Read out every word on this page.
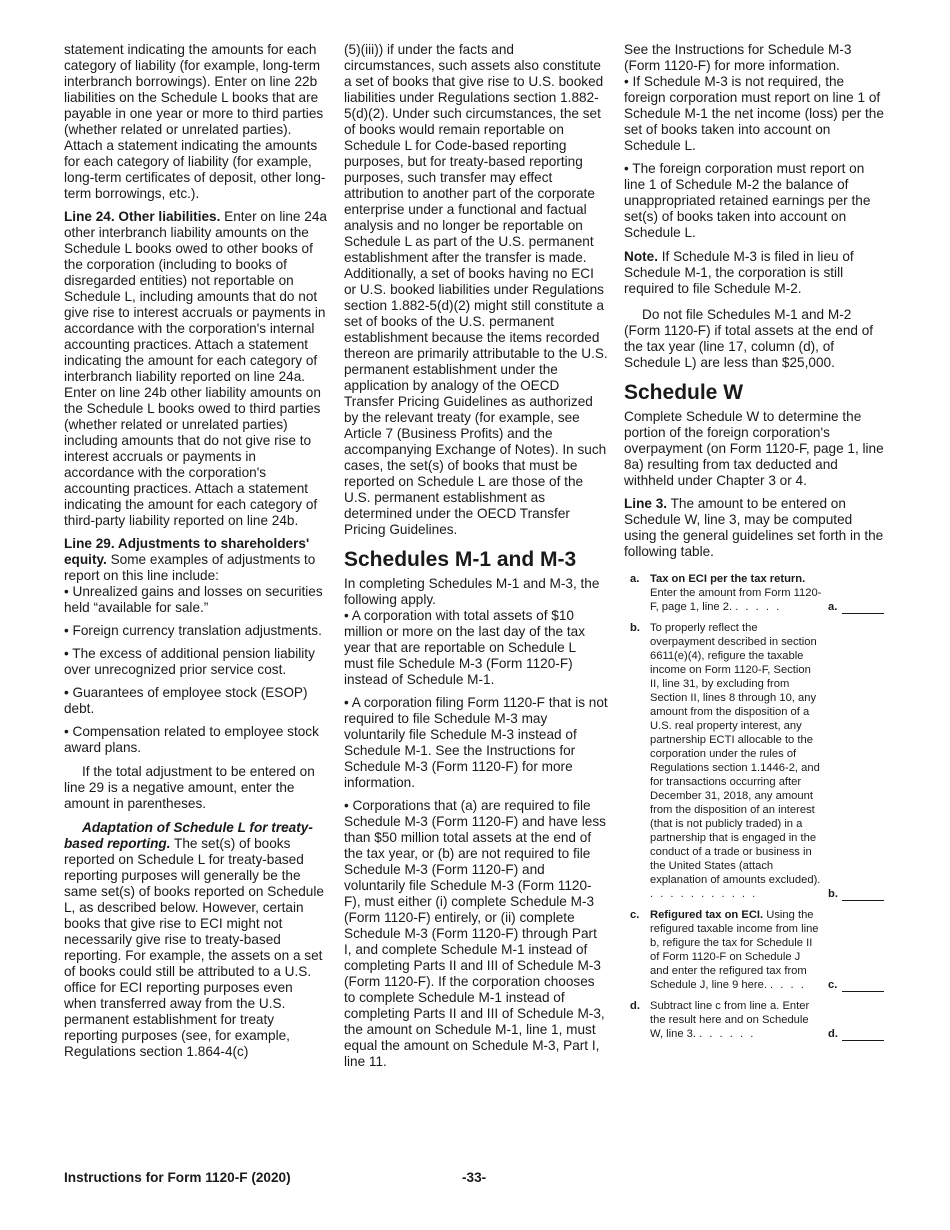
statement indicating the amounts for each category of liability (for example, long-term interbranch borrowings). Enter on line 22b liabilities on the Schedule L books that are payable in one year or more to third parties (whether related or unrelated parties). Attach a statement indicating the amounts for each category of liability (for example, long-term certificates of deposit, other long-term borrowings, etc.).

Line 24. Other liabilities. Enter on line 24a other interbranch liability amounts on the Schedule L books owed to other books of the corporation (including to books of disregarded entities) not reportable on Schedule L, including amounts that do not give rise to interest accruals or payments in accordance with the corporation's internal accounting practices. Attach a statement indicating the amount for each category of interbranch liability reported on line 24a. Enter on line 24b other liability amounts on the Schedule L books owed to third parties (whether related or unrelated parties) including amounts that do not give rise to interest accruals or payments in accordance with the corporation's accounting practices. Attach a statement indicating the amount for each category of third-party liability reported on line 24b.

Line 29. Adjustments to shareholders' equity. Some examples of adjustments to report on this line include:

• Unrealized gains and losses on securities held “available for sale.”

• Foreign currency translation adjustments.

• The excess of additional pension liability over unrecognized prior service cost.

• Guarantees of employee stock (ESOP) debt.

• Compensation related to employee stock award plans.

If the total adjustment to be entered on line 29 is a negative amount, enter the amount in parentheses.

Adaptation of Schedule L for treaty-based reporting. The set(s) of books reported on Schedule L for treaty-based reporting purposes will generally be the same set(s) of books reported on Schedule L, as described below. However, certain books that give rise to ECI might not necessarily give rise to treaty-based reporting. For example, the assets on a set of books could still be attributed to a U.S. office for ECI reporting purposes even when transferred away from the U.S. permanent establishment for treaty reporting purposes (see, for example, Regulations section 1.864-4(c)

(5)(iii)) if under the facts and circumstances, such assets also constitute a set of books that give rise to U.S. booked liabilities under Regulations section 1.882-5(d)(2). Under such circumstances, the set of books would remain reportable on Schedule L for Code-based reporting purposes, but for treaty-based reporting purposes, such transfer may effect attribution to another part of the corporate enterprise under a functional and factual analysis and no longer be reportable on Schedule L as part of the U.S. permanent establishment after the transfer is made. Additionally, a set of books having no ECI or U.S. booked liabilities under Regulations section 1.882-5(d)(2) might still constitute a set of books of the U.S. permanent establishment because the items recorded thereon are primarily attributable to the U.S. permanent establishment under the application by analogy of the OECD Transfer Pricing Guidelines as authorized by the relevant treaty (for example, see Article 7 (Business Profits) and the accompanying Exchange of Notes). In such cases, the set(s) of books that must be reported on Schedule L are those of the U.S. permanent establishment as determined under the OECD Transfer Pricing Guidelines.

Schedules M-1 and M-3

In completing Schedules M-1 and M-3, the following apply.

• A corporation with total assets of $10 million or more on the last day of the tax year that are reportable on Schedule L must file Schedule M-3 (Form 1120-F) instead of Schedule M-1.

• A corporation filing Form 1120-F that is not required to file Schedule M-3 may voluntarily file Schedule M-3 instead of Schedule M-1. See the Instructions for Schedule M-3 (Form 1120-F) for more information.

• Corporations that (a) are required to file Schedule M-3 (Form 1120-F) and have less than $50 million total assets at the end of the tax year, or (b) are not required to file Schedule M-3 (Form 1120-F) and voluntarily file Schedule M-3 (Form 1120-F), must either (i) complete Schedule M-3 (Form 1120-F) entirely, or (ii) complete Schedule M-3 (Form 1120-F) through Part I, and complete Schedule M-1 instead of completing Parts II and III of Schedule M-3 (Form 1120-F). If the corporation chooses to complete Schedule M-1 instead of completing Parts II and III of Schedule M-3, the amount on Schedule M-1, line 1, must equal the amount on Schedule M-3, Part I, line 11.

See the Instructions for Schedule M-3 (Form 1120-F) for more information.

• If Schedule M-3 is not required, the foreign corporation must report on line 1 of Schedule M-1 the net income (loss) per the set of books taken into account on Schedule L.

• The foreign corporation must report on line 1 of Schedule M-2 the balance of unappropriated retained earnings per the set(s) of books taken into account on Schedule L.

Note. If Schedule M-3 is filed in lieu of Schedule M-1, the corporation is still required to file Schedule M-2.

Do not file Schedules M-1 and M-2 (Form 1120-F) if total assets at the end of the tax year (line 17, column (d), of Schedule L) are less than $25,000.

Schedule W

Complete Schedule W to determine the portion of the foreign corporation's overpayment (on Form 1120-F, page 1, line 8a) resulting from tax deducted and withheld under Chapter 3 or 4.

Line 3. The amount to be entered on Schedule W, line 3, may be computed using the general guidelines set forth in the following table.

a. Tax on ECI per the tax return. Enter the amount from Form 1120-F, page 1, line 2. . . . . .	a.
b. To properly reflect the overpayment described in section 6611(e)(4), refigure the taxable income on Form 1120-F, Section II, line 31, by excluding from Section II, lines 8 through 10, any amount from the disposition of a U.S. real property interest, any partnership ECTI allocable to the corporation under the rules of Regulations section 1.1446-2, and for transactions occurring after December 31, 2018, any amount from the disposition of an interest (that is not publicly traded) in a partnership that is engaged in the conduct of a trade or business in the United States (attach explanation of amounts excluded). . . . . . . . . . . .	b.
c. Refigured tax on ECI. Using the refigured taxable income from line b, refigure the tax for Schedule II of Form 1120-F on Schedule J and enter the refigured tax from Schedule J, line 9 here. . . . .	c.
d. Subtract line c from line a. Enter the result here and on Schedule W, line 3. . . . . . .	d.
Instructions for Form 1120-F (2020)	-33-
